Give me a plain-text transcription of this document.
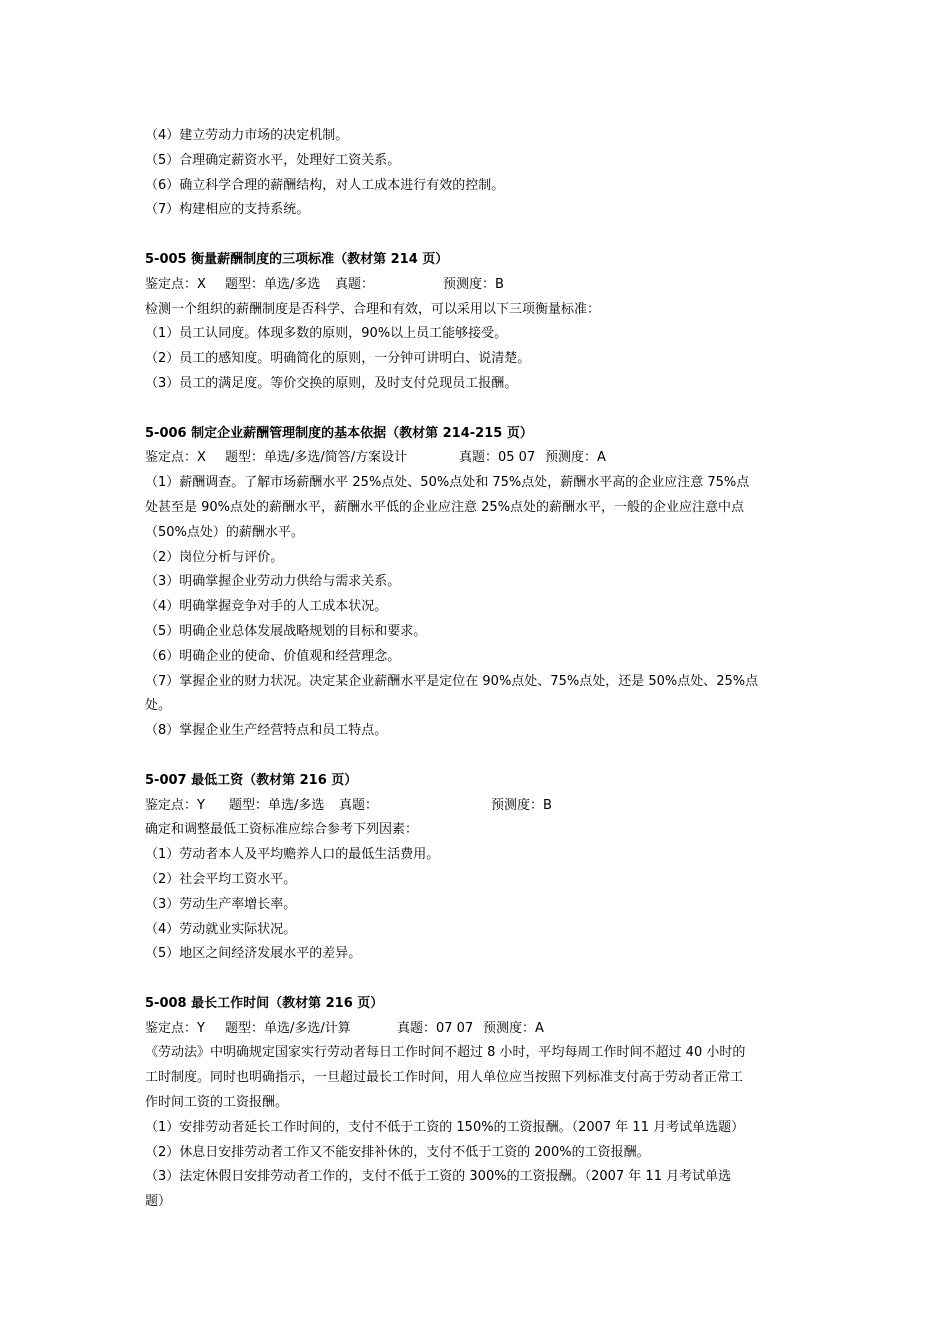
（4）建立劳动力市场的决定机制。
（5）合理确定薪资水平，处理好工资关系。
（6）确立科学合理的薪酬结构，对人工成本进行有效的控制。
（7）构建相应的支持系统。
5-005 衡量薪酬制度的三项标准（教材第 214 页）
鉴定点：X 题型：单选/多选 真题：	预测度：B
检测一个组织的薪酬制度是否科学、合理和有效，可以采用以下三项衡量标准：
（1）员工认同度。体现多数的原则，90%以上员工能够接受。
（2）员工的感知度。明确简化的原则，一分钟可讲明白、说清楚。
（3）员工的满足度。等价交换的原则，及时支付兑现员工报酬。
5-006 制定企业薪酬管理制度的基本依据（教材第 214-215 页）
鉴定点：X 题型：单选/多选/简答/方案设计	真题：05 07 预测度：A
（1）薪酬调查。了解市场薪酬水平 25%点处、50%点处和 75%点处，薪酬水平高的企业应注意 75%点
处甚至是 90%点处的薪酬水平，薪酬水平低的企业应注意 25%点处的薪酬水平，一般的企业应注意中点
（50%点处）的薪酬水平。
（2）岗位分析与评价。
（3）明确掌握企业劳动力供给与需求关系。
（4）明确掌握竞争对手的人工成本状况。
（5）明确企业总体发展战略规划的目标和要求。
（6）明确企业的使命、价值观和经营理念。
（7）掌握企业的财力状况。决定某企业薪酬水平是定位在 90%点处、75%点处，还是 50%点处、25%点
处。
（8）掌握企业生产经营特点和员工特点。
5-007 最低工资（教材第 216 页）
鉴定点：Y 题型：单选/多选 真题：	预测度：B
确定和调整最低工资标准应综合参考下列因素：
（1）劳动者本人及平均赡养人口的最低生活费用。
（2）社会平均工资水平。
（3）劳动生产率增长率。
（4）劳动就业实际状况。
（5）地区之间经济发展水平的差异。
5-008 最长工作时间（教材第 216 页）
鉴定点：Y 题型：单选/多选/计算	真题：07 07 预测度：A
《劳动法》中明确规定国家实行劳动者每日工作时间不超过 8 小时，平均每周工作时间不超过 40 小时的
工时制度。同时也明确指示，一旦超过最长工作时间，用人单位应当按照下列标准支付高于劳动者正常工
作时间工资的工资报酬。
（1）安排劳动者延长工作时间的，支付不低于工资的 150%的工资报酬。（2007 年 11 月考试单选题）
（2）休息日安排劳动者工作又不能安排补休的，支付不低于工资的 200%的工资报酬。
（3）法定休假日安排劳动者工作的，支付不低于工资的 300%的工资报酬。（2007 年 11 月考试单选
题）
